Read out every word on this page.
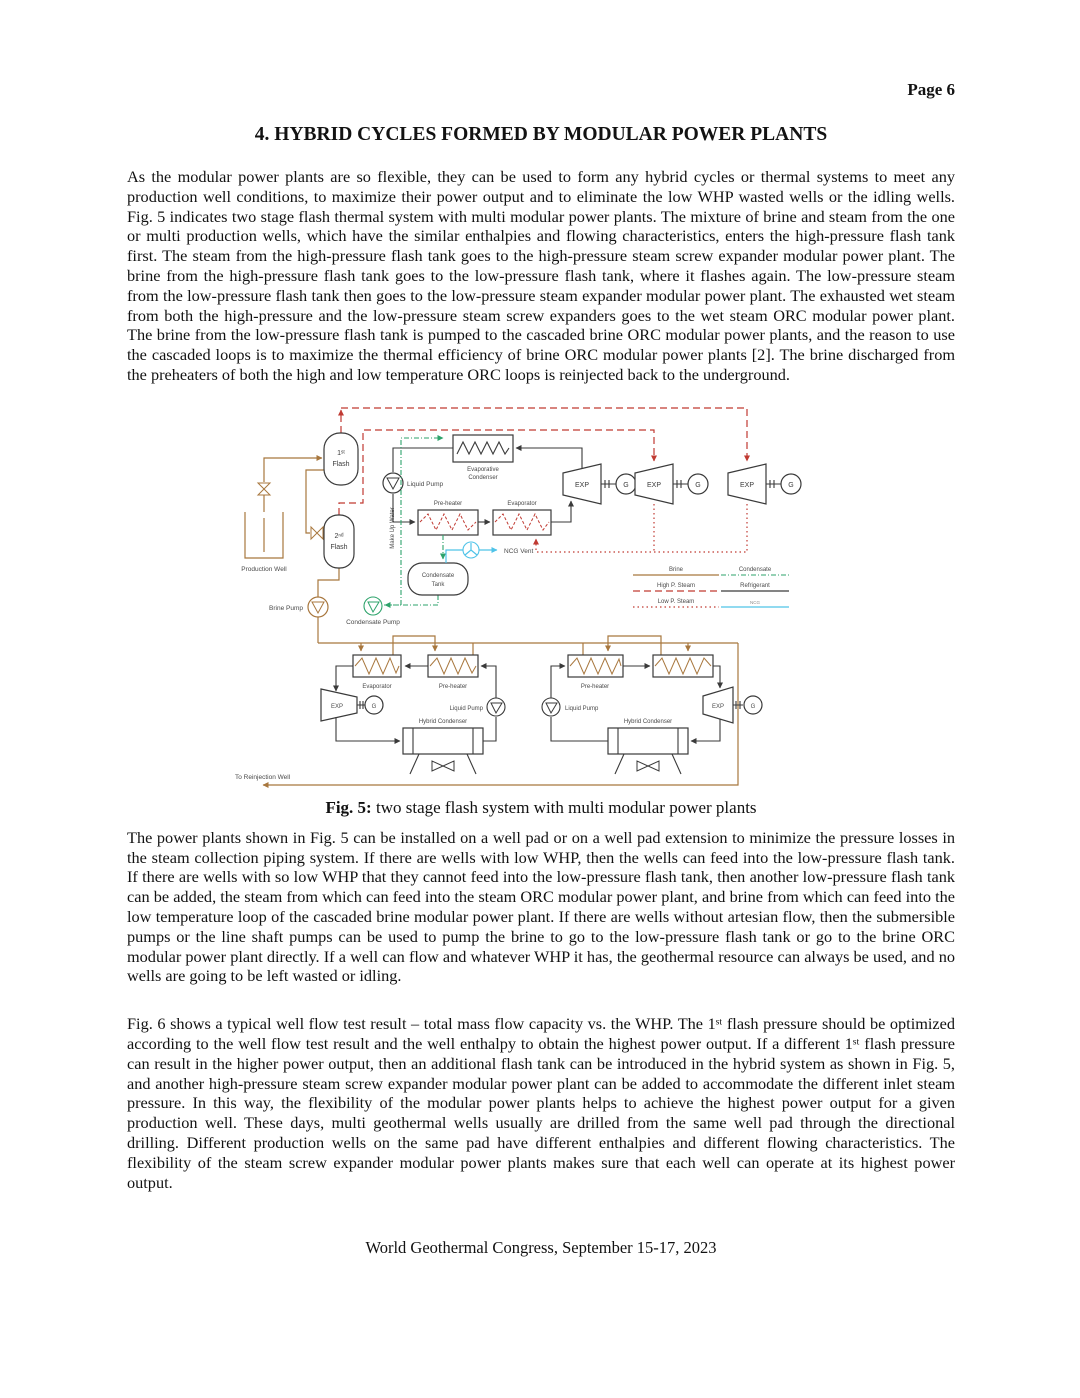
Page 6
4. HYBRID CYCLES FORMED BY MODULAR POWER PLANTS

As the modular power plants are so flexible, they can be used to form any hybrid cycles or thermal systems to meet any production well conditions, to maximize their power output and to eliminate the low WHP wasted wells or the idling wells. Fig. 5 indicates two stage flash thermal system with multi modular power plants. The mixture of brine and steam from the one or multi production wells, which have the similar enthalpies and flowing characteristics, enters the high-pressure flash tank first. The steam from the high-pressure flash tank goes to the high-pressure steam screw expander modular power plant. The brine from the high-pressure flash tank goes to the low-pressure flash tank, where it flashes again. The low-pressure steam from the low-pressure flash tank then goes to the low-pressure steam expander modular power plant. The exhausted wet steam from both the high-pressure and the low-pressure steam screw expanders goes to the wet steam ORC modular power plant. The brine from the low-pressure flash tank is pumped to the cascaded brine ORC modular power plants, and the reason to use the cascaded loops is to maximize the thermal efficiency of brine ORC modular power plants [2]. The brine discharged from the preheaters of both the high and low temperature ORC loops is reinjected back to the underground.

Production Well
1ˢᵗ
Flash
2ⁿᵈ
Flash
Brine Pump
Evaporative
Condenser
Liquid Pump
Pre-heater	Evaporator
Make Up Water
Condensate
Tank
Condensate Pump
NCG Vent
EXP	G	EXP	G	EXP	G
Brine
High P. Steam
Low P. Steam
Condensate
Refrigerant
NCG
To Reinjection Well
Evaporator	Pre-heater
EXP	G
Hybrid Condenser
Liquid Pump
Pre-heater
EXP	G
Hybrid Condenser
Liquid Pump
Fig. 5: two stage flash system with multi modular power plants

The power plants shown in Fig. 5 can be installed on a well pad or on a well pad extension to minimize the pressure losses in the steam collection piping system. If there are wells with low WHP, then the wells can feed into the low-pressure flash tank. If there are wells with so low WHP that they cannot feed into the low-pressure flash tank, then another low-pressure flash tank can be added, the steam from which can feed into the steam ORC modular power plant, and brine from which can feed into the low temperature loop of the cascaded brine modular power plant. If there are wells without artesian flow, then the submersible pumps or the line shaft pumps can be used to pump the brine to go to the low-pressure flash tank or go to the brine ORC modular power plant directly. If a well can flow and whatever WHP it has, the geothermal resource can always be used, and no wells are going to be left wasted or idling.

Fig. 6 shows a typical well flow test result – total mass flow capacity vs. the WHP. The 1ˢᵗ flash pressure should be optimized according to the well flow test result and the well enthalpy to obtain the highest power output. If a different 1ˢᵗ flash pressure can result in the higher power output, then an additional flash tank can be introduced in the hybrid system as shown in Fig. 5, and another high-pressure steam screw expander modular power plant can be added to accommodate the different inlet steam pressure. In this way, the flexibility of the modular power plants helps to achieve the highest power output for a given production well. These days, multi geothermal wells usually are drilled from the same well pad through the directional drilling. Different production wells on the same pad have different enthalpies and different flowing characteristics. The flexibility of the steam screw expander modular power plants makes sure that each well can operate at its highest power output.

World Geothermal Congress, September 15-17, 2023
